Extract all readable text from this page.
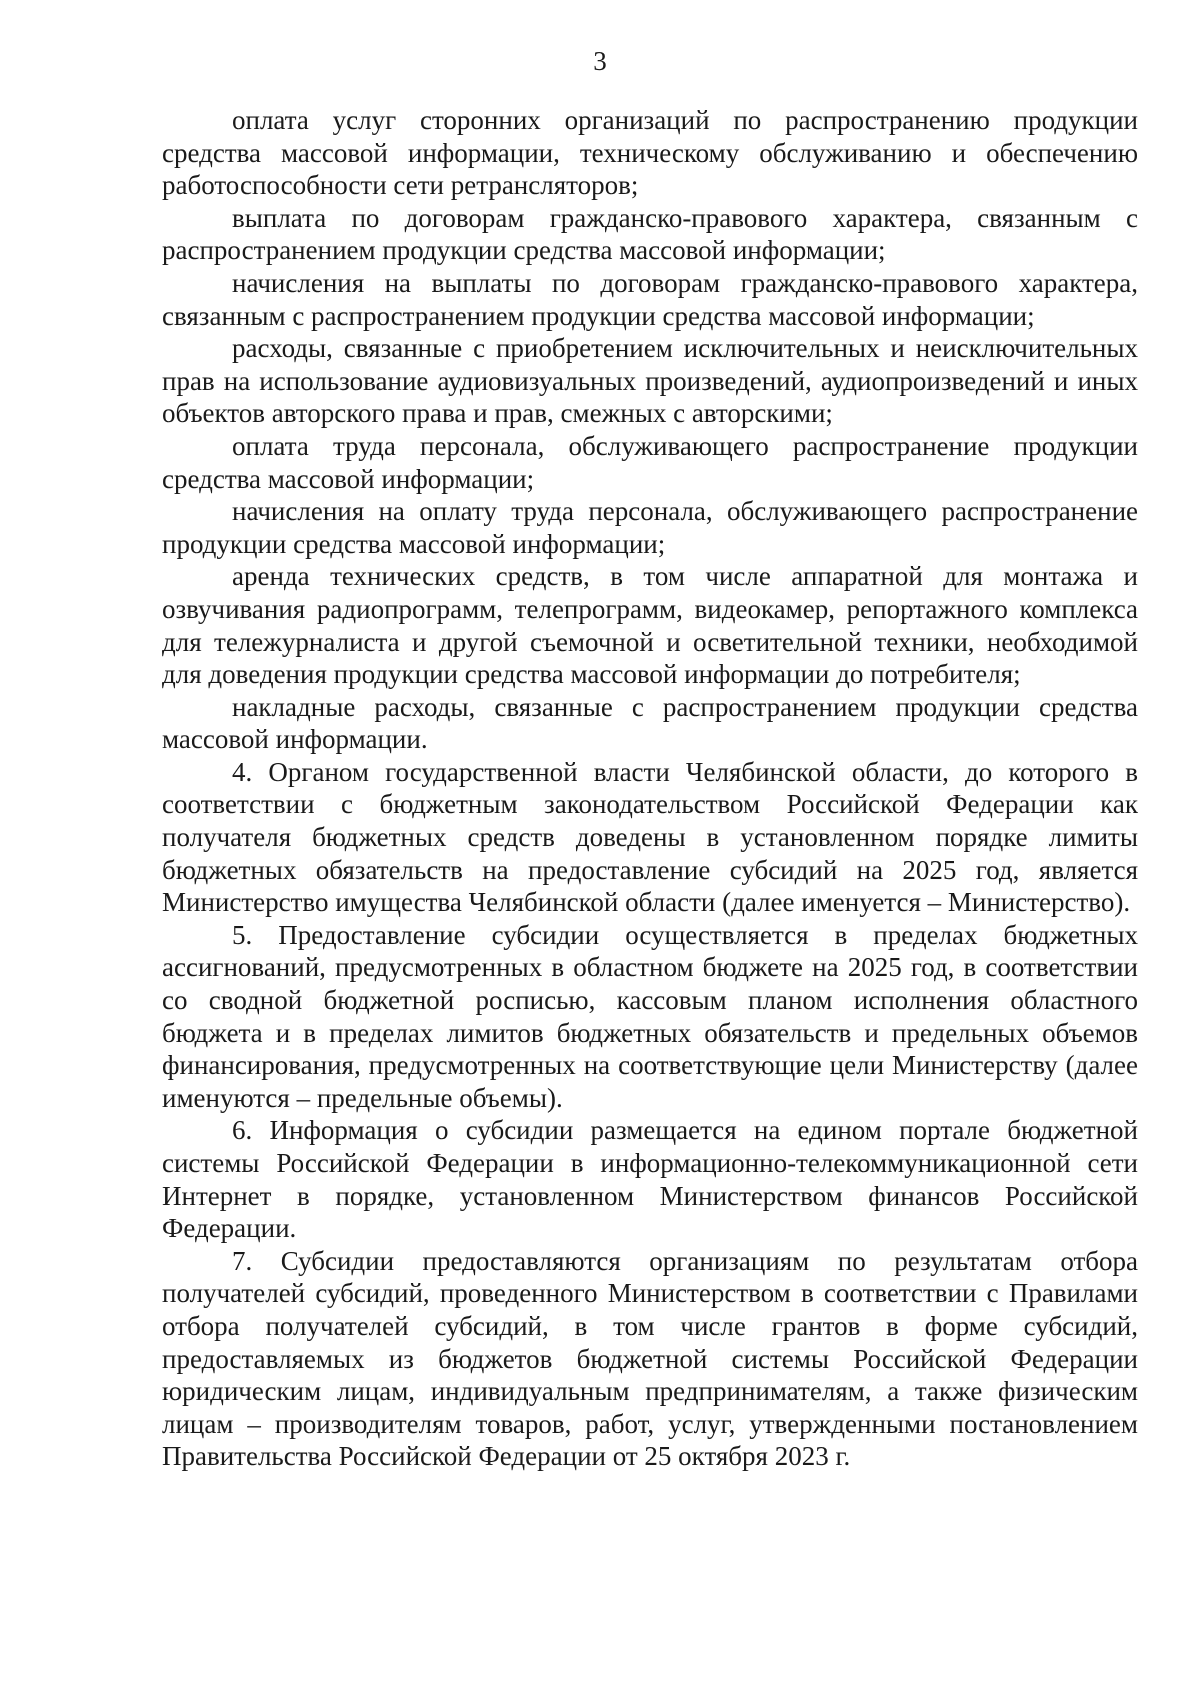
3

оплата услуг сторонних организаций по распространению продукции средства массовой информации, техническому обслуживанию и обеспечению работоспособности сети ретрансляторов;

выплата по договорам гражданско-правового характера, связанным с распространением продукции средства массовой информации;

начисления на выплаты по договорам гражданско-правового характера, связанным с распространением продукции средства массовой информации;

расходы, связанные с приобретением исключительных и неисключительных прав на использование аудиовизуальных произведений, аудиопроизведений и иных объектов авторского права и прав, смежных с авторскими;

оплата труда персонала, обслуживающего распространение продукции средства массовой информации;

начисления на оплату труда персонала, обслуживающего распространение продукции средства массовой информации;

аренда технических средств, в том числе аппаратной для монтажа и озвучивания радиопрограмм, телепрограмм, видеокамер, репортажного комплекса для тележурналиста и другой съемочной и осветительной техники, необходимой для доведения продукции средства массовой информации до потребителя;

накладные расходы, связанные с распространением продукции средства массовой информации.

4. Органом государственной власти Челябинской области, до которого в соответствии с бюджетным законодательством Российской Федерации как получателя бюджетных средств доведены в установленном порядке лимиты бюджетных обязательств на предоставление субсидий на 2025 год, является Министерство имущества Челябинской области (далее именуется – Министерство).

5. Предоставление субсидии осуществляется в пределах бюджетных ассигнований, предусмотренных в областном бюджете на 2025 год, в соответствии со сводной бюджетной росписью, кассовым планом исполнения областного бюджета и в пределах лимитов бюджетных обязательств и предельных объемов финансирования, предусмотренных на соответствующие цели Министерству (далее именуются – предельные объемы).

6. Информация о субсидии размещается на едином портале бюджетной системы Российской Федерации в информационно-телекоммуникационной сети Интернет в порядке, установленном Министерством финансов Российской Федерации.

7. Субсидии предоставляются организациям по результатам отбора получателей субсидий, проведенного Министерством в соответствии с Правилами отбора получателей субсидий, в том числе грантов в форме субсидий, предоставляемых из бюджетов бюджетной системы Российской Федерации юридическим лицам, индивидуальным предпринимателям, а также физическим лицам – производителям товаров, работ, услуг, утвержденными постановлением Правительства Российской Федерации от 25 октября 2023 г.
